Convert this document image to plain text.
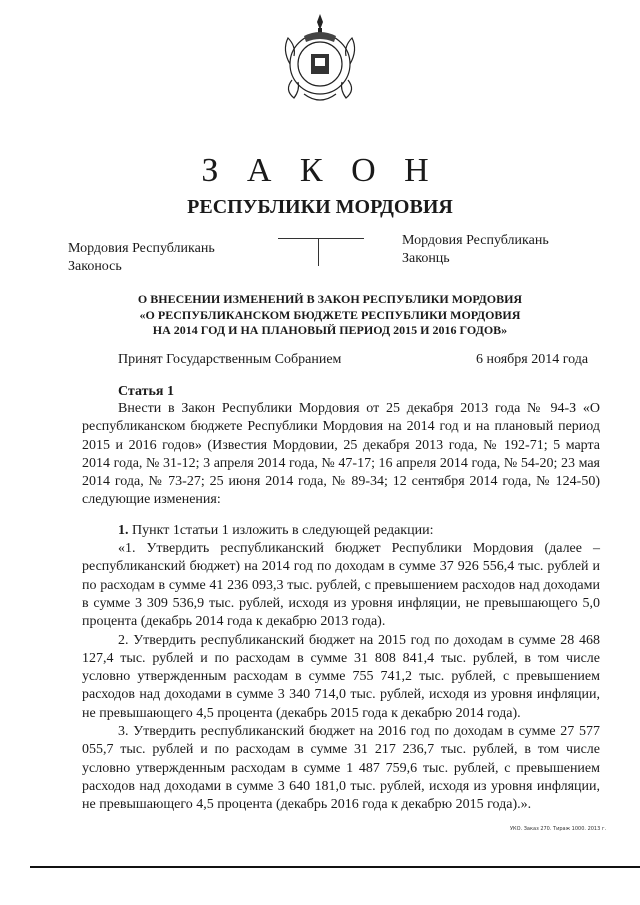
З А К О Н
РЕСПУБЛИКИ МОРДОВИЯ
Мордовия Республикань
Законось
Мордовия Республикань
Законць
О ВНЕСЕНИИ ИЗМЕНЕНИЙ В ЗАКОН РЕСПУБЛИКИ МОРДОВИЯ
«О РЕСПУБЛИКАНСКОМ БЮДЖЕТЕ РЕСПУБЛИКИ МОРДОВИЯ
НА 2014 ГОД И НА ПЛАНОВЫЙ ПЕРИОД 2015 И 2016 ГОДОВ»
Принят Государственным Собранием	6 ноября 2014 года
Статья 1

Внести в Закон Республики Мордовия от 25 декабря 2013 года № 94-З «О республиканском бюджете Республики Мордовия на 2014 год и на плановый период 2015 и 2016 годов» (Известия Мордовии, 25 декабря 2013 года, № 192-71; 5 марта 2014 года, № 31-12; 3 апреля 2014 года, № 47-17; 16 апреля 2014 года, № 54-20; 23 мая 2014 года, № 73-27; 25 июня 2014 года, № 89-34; 12 сентября 2014 года, № 124-50) следующие изменения:

1. Пункт 1статьи 1 изложить в следующей редакции:

«1. Утвердить республиканский бюджет Республики Мордовия (далее – республиканский бюджет) на 2014 год по доходам в сумме 37 926 556,4 тыс. рублей и по расходам в сумме 41 236 093,3 тыс. рублей, с превышением расходов над доходами в сумме 3 309 536,9 тыс. рублей, исходя из уровня инфляции, не превышающего 5,0 процента (декабрь 2014 года к декабрю 2013 года).

2. Утвердить республиканский бюджет на 2015 год по доходам в сумме 28 468 127,4 тыс. рублей и по расходам в сумме 31 808 841,4 тыс. рублей, в том числе условно утвержденным расходам в сумме 755 741,2 тыс. рублей, с превышением расходов над доходами в сумме 3 340 714,0 тыс. рублей, исходя из уровня инфляции, не превышающего 4,5 процента (декабрь 2015 года к декабрю 2014 года).

3. Утвердить республиканский бюджет на 2016 год по доходам в сумме 27 577 055,7 тыс. рублей и по расходам в сумме 31 217 236,7 тыс. рублей, в том числе условно утвержденным расходам в сумме 1 487 759,6 тыс. рублей, с превышением расходов над доходами в сумме 3 640 181,0 тыс. рублей, исходя из уровня инфляции, не превышающего 4,5 процента (декабрь 2016 года к декабрю 2015 года).».

УКО. Заказ 270. Тираж 1000. 2013 г.
